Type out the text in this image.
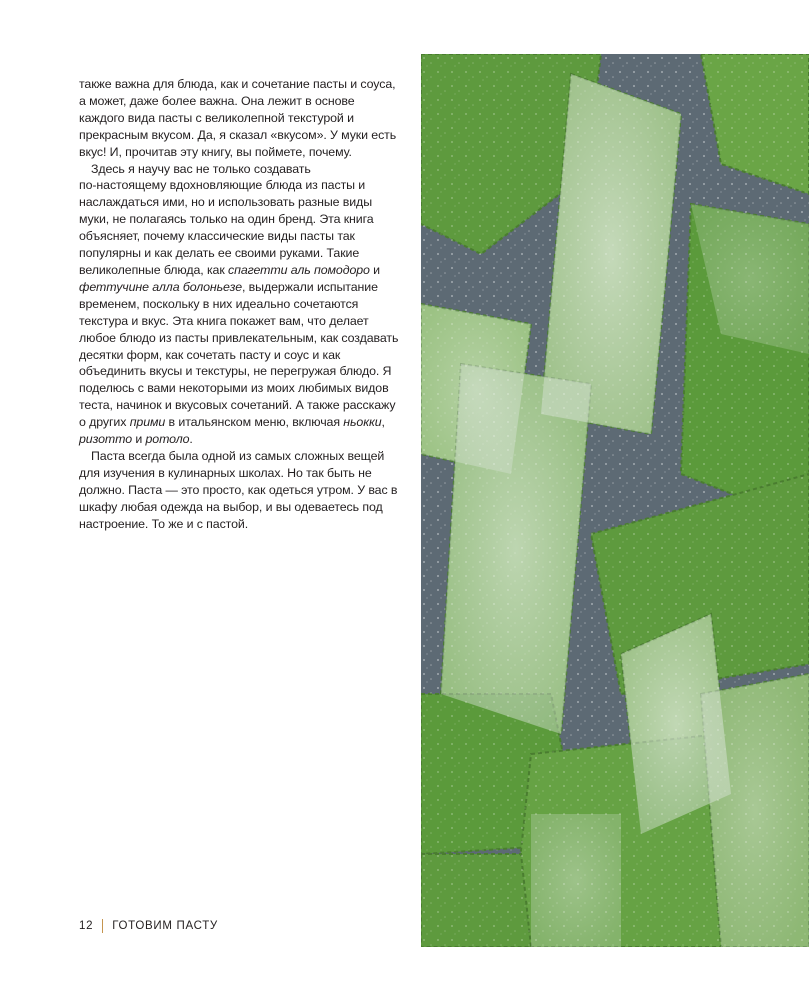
также важна для блюда, как и сочетание пасты и соуса, а может, даже более важна. Она лежит в основе каждого вида пасты с великолепной текстурой и прекрасным вкусом. Да, я сказал «вкусом». У муки есть вкус! И, прочитав эту книгу, вы поймете, почему.

Здесь я научу вас не только создавать по‑настоящему вдохновляющие блюда из пасты и наслаждаться ими, но и использовать разные виды муки, не полагаясь только на один бренд. Эта книга объясняет, почему классические виды пасты так популярны и как делать ее своими руками. Такие великолепные блюда, как спагетти аль помодоро и феттучине алла болоньезе, выдержали испытание временем, поскольку в них идеально сочетаются текстура и вкус. Эта книга покажет вам, что делает любое блюдо из пасты привлекательным, как создавать десятки форм, как сочетать пасту и соус и как объединить вкусы и текстуры, не перегружая блюдо. Я поделюсь с вами некоторыми из моих любимых видов теста, начинок и вкусовых сочетаний. А также расскажу о других прими в итальянском меню, включая ньокки, ризотто и ротоло.

Паста всегда была одной из самых сложных вещей для изучения в кулинарных школах. Но так быть не должно. Паста — это просто, как одеться утром. У вас в шкафу любая одежда на выбор, и вы одеваетесь под настроение. То же и с пастой.

12 ГОТОВИМ ПАСТУ
